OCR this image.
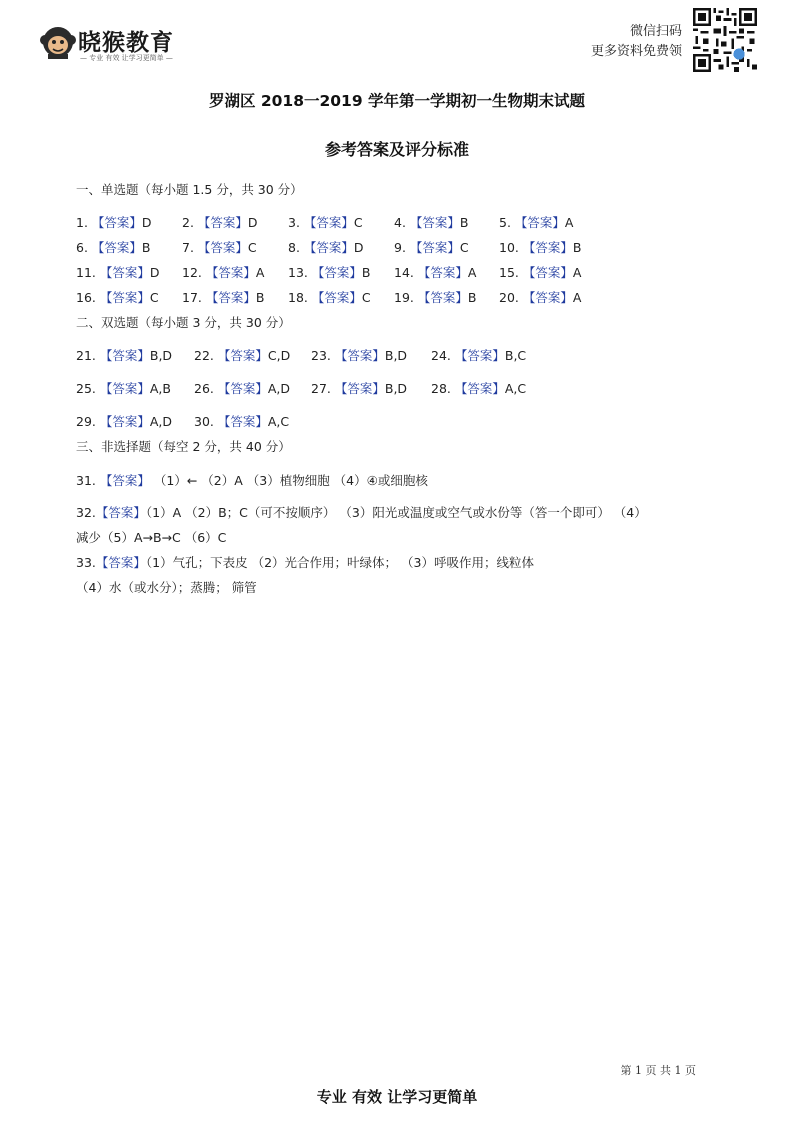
晓猴教育
— 专业 有效 让学习更简单 —
微信扫码
更多资料免费领
罗湖区 2018一2019 学年第一学期初一生物期末试题
参考答案及评分标准
一、单选题（每小题 1.5 分，共 30 分）
1. 【答案】D 2. 【答案】D 3. 【答案】C	4. 【答案】B 5. 【答案】A
6. 【答案】B	7. 【答案】C	8. 【答案】D 9. 【答案】C 10. 【答案】B
11. 【答案】D 12. 【答案】A 13. 【答案】B 14. 【答案】A 15. 【答案】A
16. 【答案】C 17. 【答案】B 18. 【答案】C 19. 【答案】B 20. 【答案】A
二、双选题（每小题 3 分，共 30 分）
21. 【答案】B,D 22. 【答案】C,D 23. 【答案】B,D 24. 【答案】B,C
25. 【答案】A,B 26. 【答案】A,D 27. 【答案】B,D 28. 【答案】A,C
29. 【答案】A,D 30. 【答案】A,C
三、非选择题（每空 2 分，共 40 分）
31. 【答案】 （1）← （2）A （3）植物细胞 （4）④或细胞核
32.【答案】（1）A （2）B；C（可不按顺序） （3）阳光或温度或空气或水份等（答一个即可） （4）
减少（5）A→B→C （6）C
33.【答案】（1）气孔；下表皮 （2）光合作用；叶绿体； （3）呼吸作用；线粒体
（4）水（或水分）；蒸腾； 筛管
第 1 页 共 1 页
专业 有效 让学习更简单
